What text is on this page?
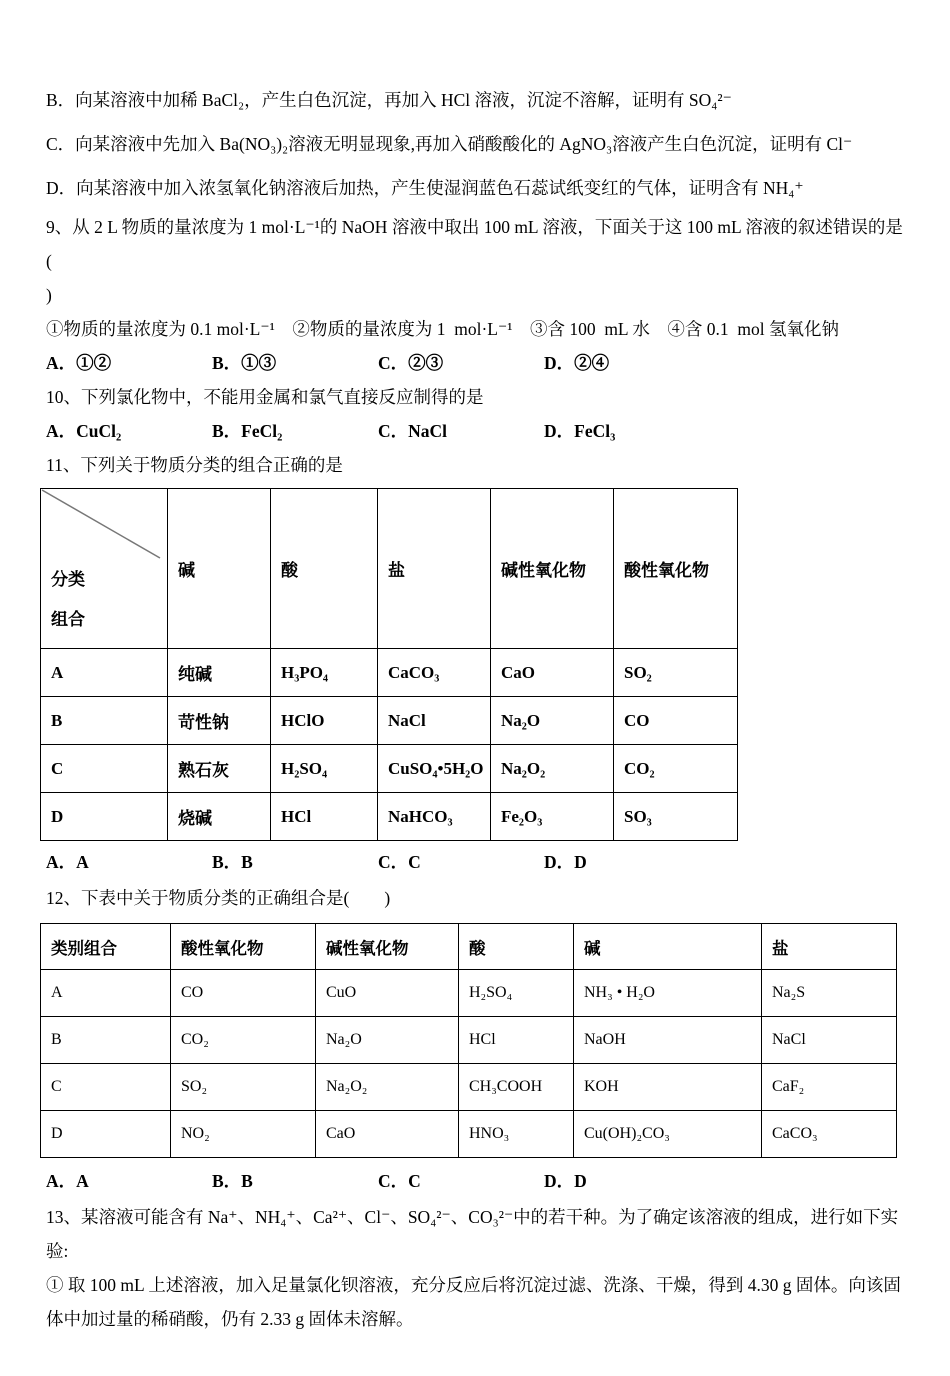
B．向某溶液中加稀 BaCl₂，产生白色沉淀，再加入 HCl 溶液，沉淀不溶解，证明有 SO₄²⁻

C．向某溶液中先加入 Ba(NO₃)₂溶液无明显现象,再加入硝酸酸化的 AgNO₃溶液产生白色沉淀，证明有 Cl⁻

D．向某溶液中加入浓氢氧化钠溶液后加热，产生使湿润蓝色石蕊试纸变红的气体，证明含有 NH₄⁺

9、从 2 L 物质的量浓度为 1 mol·L⁻¹的 NaOH 溶液中取出 100 mL 溶液，下面关于这 100 mL 溶液的叙述错误的是(

)

①物质的量浓度为 0.1 mol·L⁻¹　②物质的量浓度为 1  mol·L⁻¹　③含 100  mL 水　④含 0.1  mol 氢氧化钠

A．①②	B．①③	C．②③	D．②④

10、下列氯化物中，不能用金属和氯气直接反应制得的是

A．CuCl₂	B．FeCl₂	C．NaCl	D．FeCl₃

11、下列关于物质分类的组合正确的是

分类
组合	碱	酸	盐	碱性氧化物	酸性氧化物
A	纯碱	H₃PO₄	CaCO₃	CaO	SO₂
B	苛性钠	HClO	NaCl	Na₂O	CO
C	熟石灰	H₂SO₄	CuSO₄•5H₂O	Na₂O₂	CO₂
D	烧碱	HCl	NaHCO₃	Fe₂O₃	SO₃
A．A	B．B	C．C	D．D

12、下表中关于物质分类的正确组合是(　　)

类别组合	酸性氧化物	碱性氧化物	酸	碱	盐
A	CO	CuO	H₂SO₄	NH₃ • H₂O	Na₂S
B	CO₂	Na₂O	HCl	NaOH	NaCl
C	SO₂	Na₂O₂	CH₃COOH	KOH	CaF₂
D	NO₂	CaO	HNO₃	Cu(OH)₂CO₃	CaCO₃
A．A	B．B	C．C	D．D

13、某溶液可能含有 Na⁺、NH₄⁺、Ca²⁺、Cl⁻、SO₄²⁻、CO₃²⁻中的若干种。为了确定该溶液的组成，进行如下实验:

① 取 100 mL 上述溶液，加入足量氯化钡溶液，充分反应后将沉淀过滤、洗涤、干燥，得到 4.30 g 固体。向该固体中加过量的稀硝酸，仍有 2.33 g 固体未溶解。
